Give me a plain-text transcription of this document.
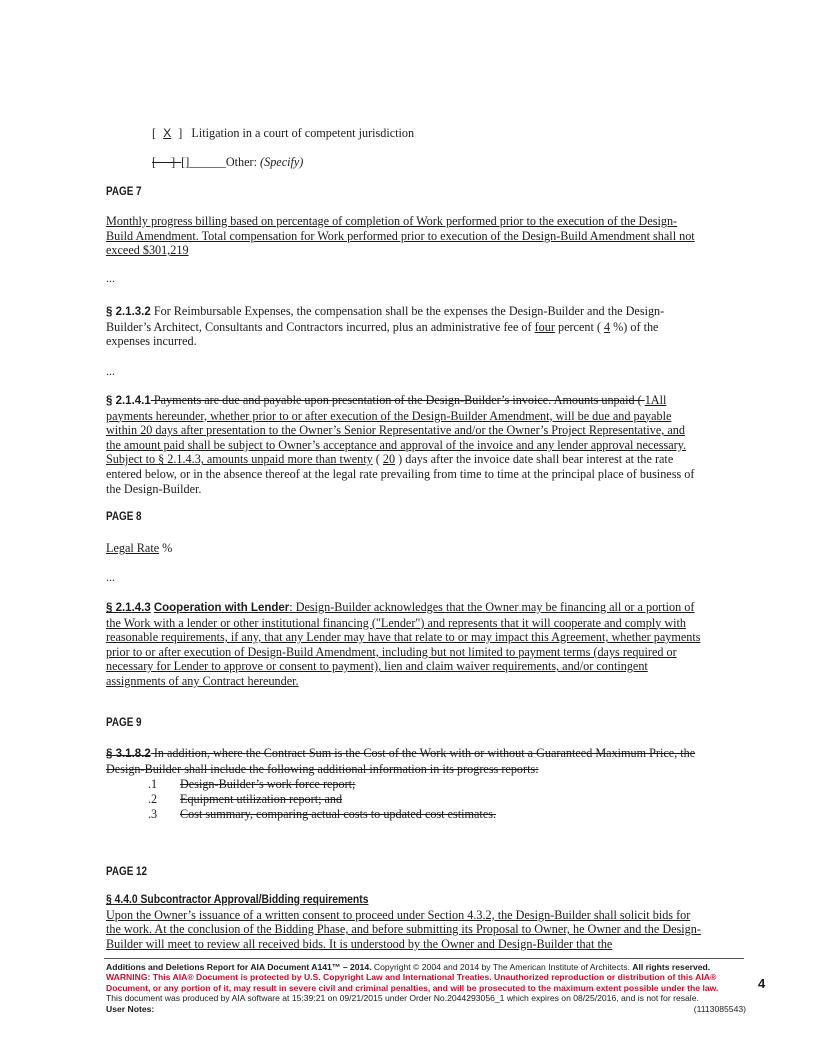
[ X ] Litigation in a court of competent jurisdiction
[ ][]______Other: (Specify)
PAGE 7
Monthly progress billing based on percentage of completion of Work performed prior to the execution of the Design-Build Amendment. Total compensation for Work performed prior to execution of the Design-Build Amendment shall not exceed $301,219
...
§ 2.1.3.2 For Reimbursable Expenses, the compensation shall be the expenses the Design-Builder and the Design-Builder’s Architect, Consultants and Contractors incurred, plus an administrative fee of four percent ( 4 %) of the expenses incurred.
...
§ 2.1.4.1 Payments are due and payable upon presentation of the Design-Builder’s invoice. Amounts unpaid ( 1All payments hereunder, whether prior to or after execution of the Design-Builder Amendment, will be due and payable within 20 days after presentation to the Owner’s Senior Representative and/or the Owner’s Project Representative, and the amount paid shall be subject to Owner’s acceptance and approval of the invoice and any lender approval necessary. Subject to § 2.1.4.3, amounts unpaid more than twenty ( 20 ) days after the invoice date shall bear interest at the rate entered below, or in the absence thereof at the legal rate prevailing from time to time at the principal place of business of the Design-Builder.
PAGE 8
Legal Rate %
...
§ 2.1.4.3 Cooperation with Lender: Design-Builder acknowledges that the Owner may be financing all or a portion of the Work with a lender or other institutional financing ("Lender") and represents that it will cooperate and comply with reasonable requirements, if any, that any Lender may have that relate to or may impact this Agreement, whether payments prior to or after execution of Design-Build Amendment, including but not limited to payment terms (days required or necessary for Lender to approve or consent to payment), lien and claim waiver requirements, and/or contingent assignments of any Contract hereunder.
PAGE 9
§ 3.1.8.2 In addition, where the Contract Sum is the Cost of the Work with or without a Guaranteed Maximum Price, the Design-Builder shall include the following additional information in its progress reports:
.1 Design-Builder’s work force report;
.2 Equipment utilization report; and
.3 Cost summary, comparing actual costs to updated cost estimates.
PAGE 12
§ 4.4.0 Subcontractor Approval/Bidding requirements
Upon the Owner’s issuance of a written consent to proceed under Section 4.3.2, the Design-Builder shall solicit bids for the work. At the conclusion of the Bidding Phase, and before submitting its Proposal to Owner, he Owner and the Design-Builder will meet to review all received bids. It is understood by the Owner and Design-Builder that the
Additions and Deletions Report for AIA Document A141™ – 2014. Copyright © 2004 and 2014 by The American Institute of Architects. All rights reserved.
WARNING: This AIA® Document is protected by U.S. Copyright Law and International Treaties. Unauthorized reproduction or distribution of this AIA® Document, or any portion of it, may result in severe civil and criminal penalties, and will be prosecuted to the maximum extent possible under the law.
This document was produced by AIA software at 15:39:21 on 09/21/2015 under Order No.2044293056_1 which expires on 08/25/2016, and is not for resale.
User Notes:	(1113085543)
4
